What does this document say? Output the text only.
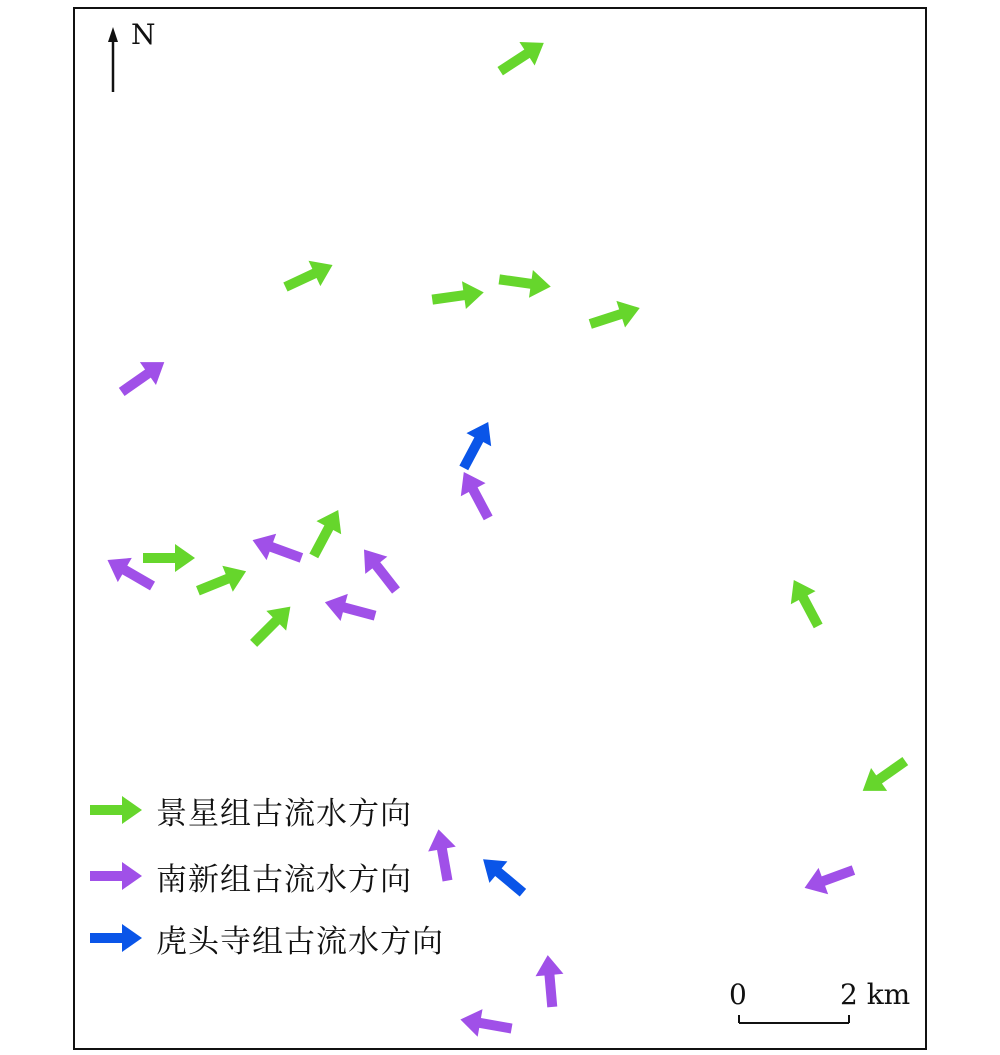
N
景星组古流水方向
南新组古流水方向
虎头寺组古流水方向
0	2 km
